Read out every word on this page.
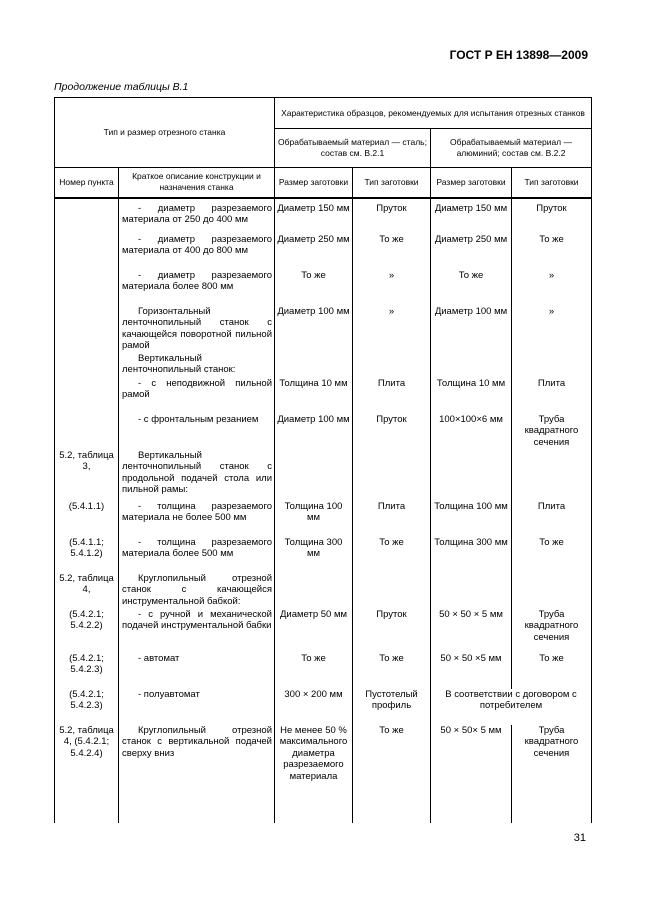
ГОСТ Р ЕН 13898—2009
Продолжение таблицы В.1
Тип и размер отрезного станка		Характеристика образцов, рекомендуемых для испытания отрезных станков			
		Обрабатываемый материал — сталь; состав см. В.2.1		Обрабатываемый материал — алюминий; состав см. В.2.2	
Номер пункта	Краткое описание конструкции и назначения станка	Размер заготовки	Тип заготовки	Размер заготовки	Тип заготовки
	- диаметр разрезаемого материала от 250 до 400 мм	Диаметр 150 мм	Пруток	Диаметр 150 мм	Пруток
	- диаметр разрезаемого материала от 400 до 800 мм	Диаметр 250 мм	То же	Диаметр 250 мм	То же
	- диаметр разрезаемого материала более 800 мм	То же	»	То же	»
	Горизонтальный ленточнопильный станок с качающейся поворотной пильной рамой	Диаметр 100 мм	»	Диаметр 100 мм	»
	Вертикальный ленточнопильный станок:				
	- с неподвижной пильной рамой	Толщина 10 мм	Плита	Толщина 10 мм	Плита
	- с фронтальным резанием	Диаметр 100 мм	Пруток	100×100×6 мм	Труба квадратного сечения
5.2, таблица 3,	Вертикальный ленточнопильный станок с продольной подачей стола или пильной рамы:				
(5.4.1.1)	- толщина разрезаемого материала не более 500 мм	Толщина 100 мм	Плита	Толщина 100 мм	Плита
(5.4.1.1; 5.4.1.2)	- толщина разрезаемого материала более 500 мм	Толщина 300 мм	То же	Толщина 300 мм	То же
5.2, таблица 4,	Круглопильный отрезной станок с качающейся инструментальной бабкой:				
(5.4.2.1; 5.4.2.2)	- с ручной и механической подачей инструментальной бабки	Диаметр 50 мм	Пруток	50 × 50 × 5 мм	Труба квадратного сечения
(5.4.2.1; 5.4.2.3)	- автомат	То же	То же	50 × 50 ×5 мм	То же
(5.4.2.1; 5.4.2.3)	- полуавтомат	300 × 200 мм	Пустотелый профиль	В соответствии с договором с потребителем	
5.2, таблица 4, (5.4.2.1; 5.4.2.4)	Круглопильный отрезной станок с вертикальной подачей сверху вниз	Не менее 50 % максимального диаметра разрезаемого материала	То же	50 × 50× 5 мм	Труба квадратного сечения
31
